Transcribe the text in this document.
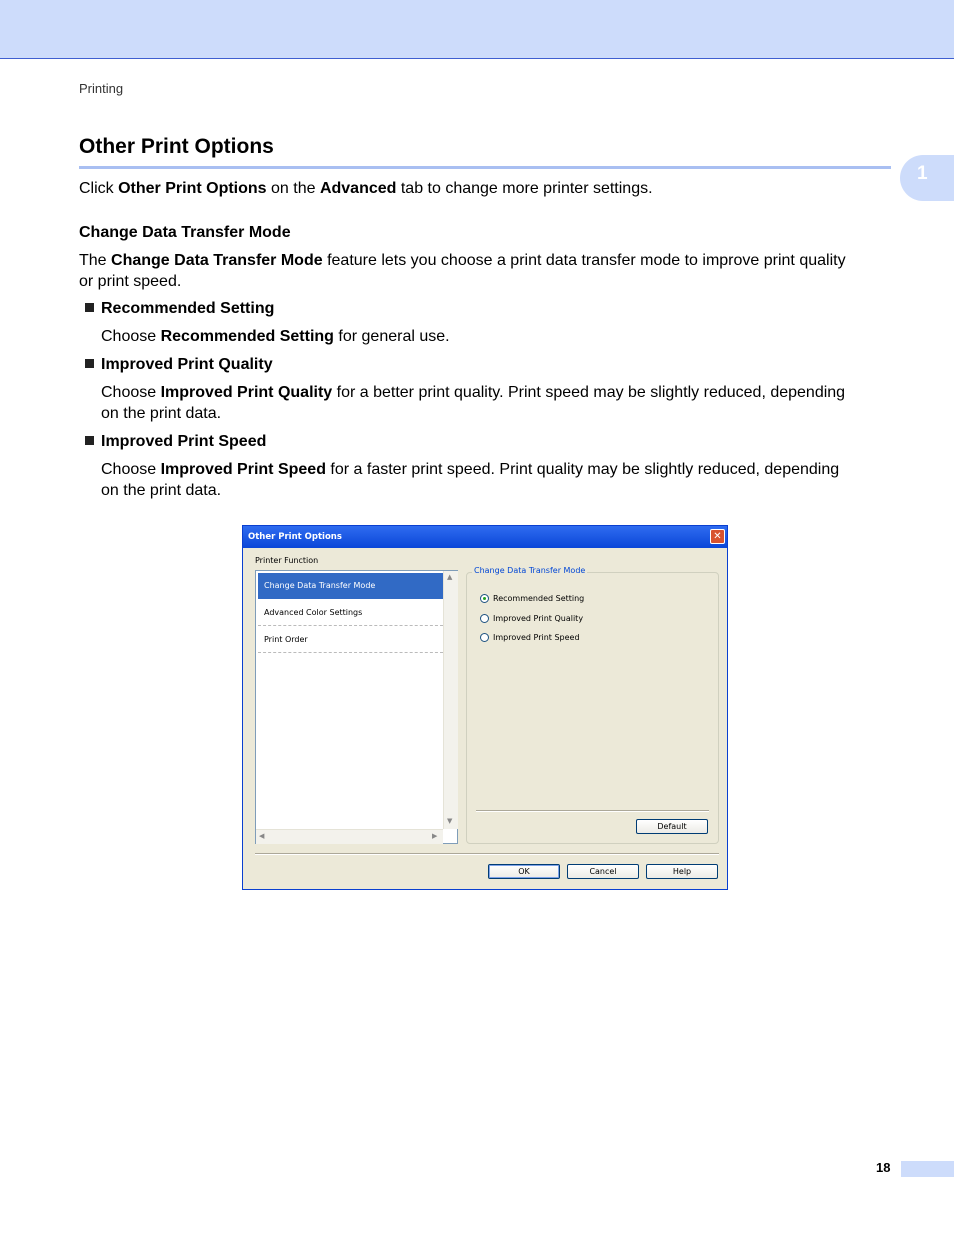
Printing
1
Other Print Options
Click Other Print Options on the Advanced tab to change more printer settings.
Change Data Transfer Mode
The Change Data Transfer Mode feature lets you choose a print data transfer mode to improve print quality
or print speed.
Recommended Setting
Choose Recommended Setting for general use.
Improved Print Quality
Choose Improved Print Quality for a better print quality. Print speed may be slightly reduced, depending
on the print data.
Improved Print Speed
Choose Improved Print Speed for a faster print speed. Print quality may be slightly reduced, depending
on the print data.
Other Print Options	✕
Printer Function
Change Data Transfer Mode
Advanced Color Settings
Print Order
▲
▼
◀	▶
Change Data Transfer Mode
Recommended Setting
Improved Print Quality
Improved Print Speed
Default
OK	Cancel	Help
18
